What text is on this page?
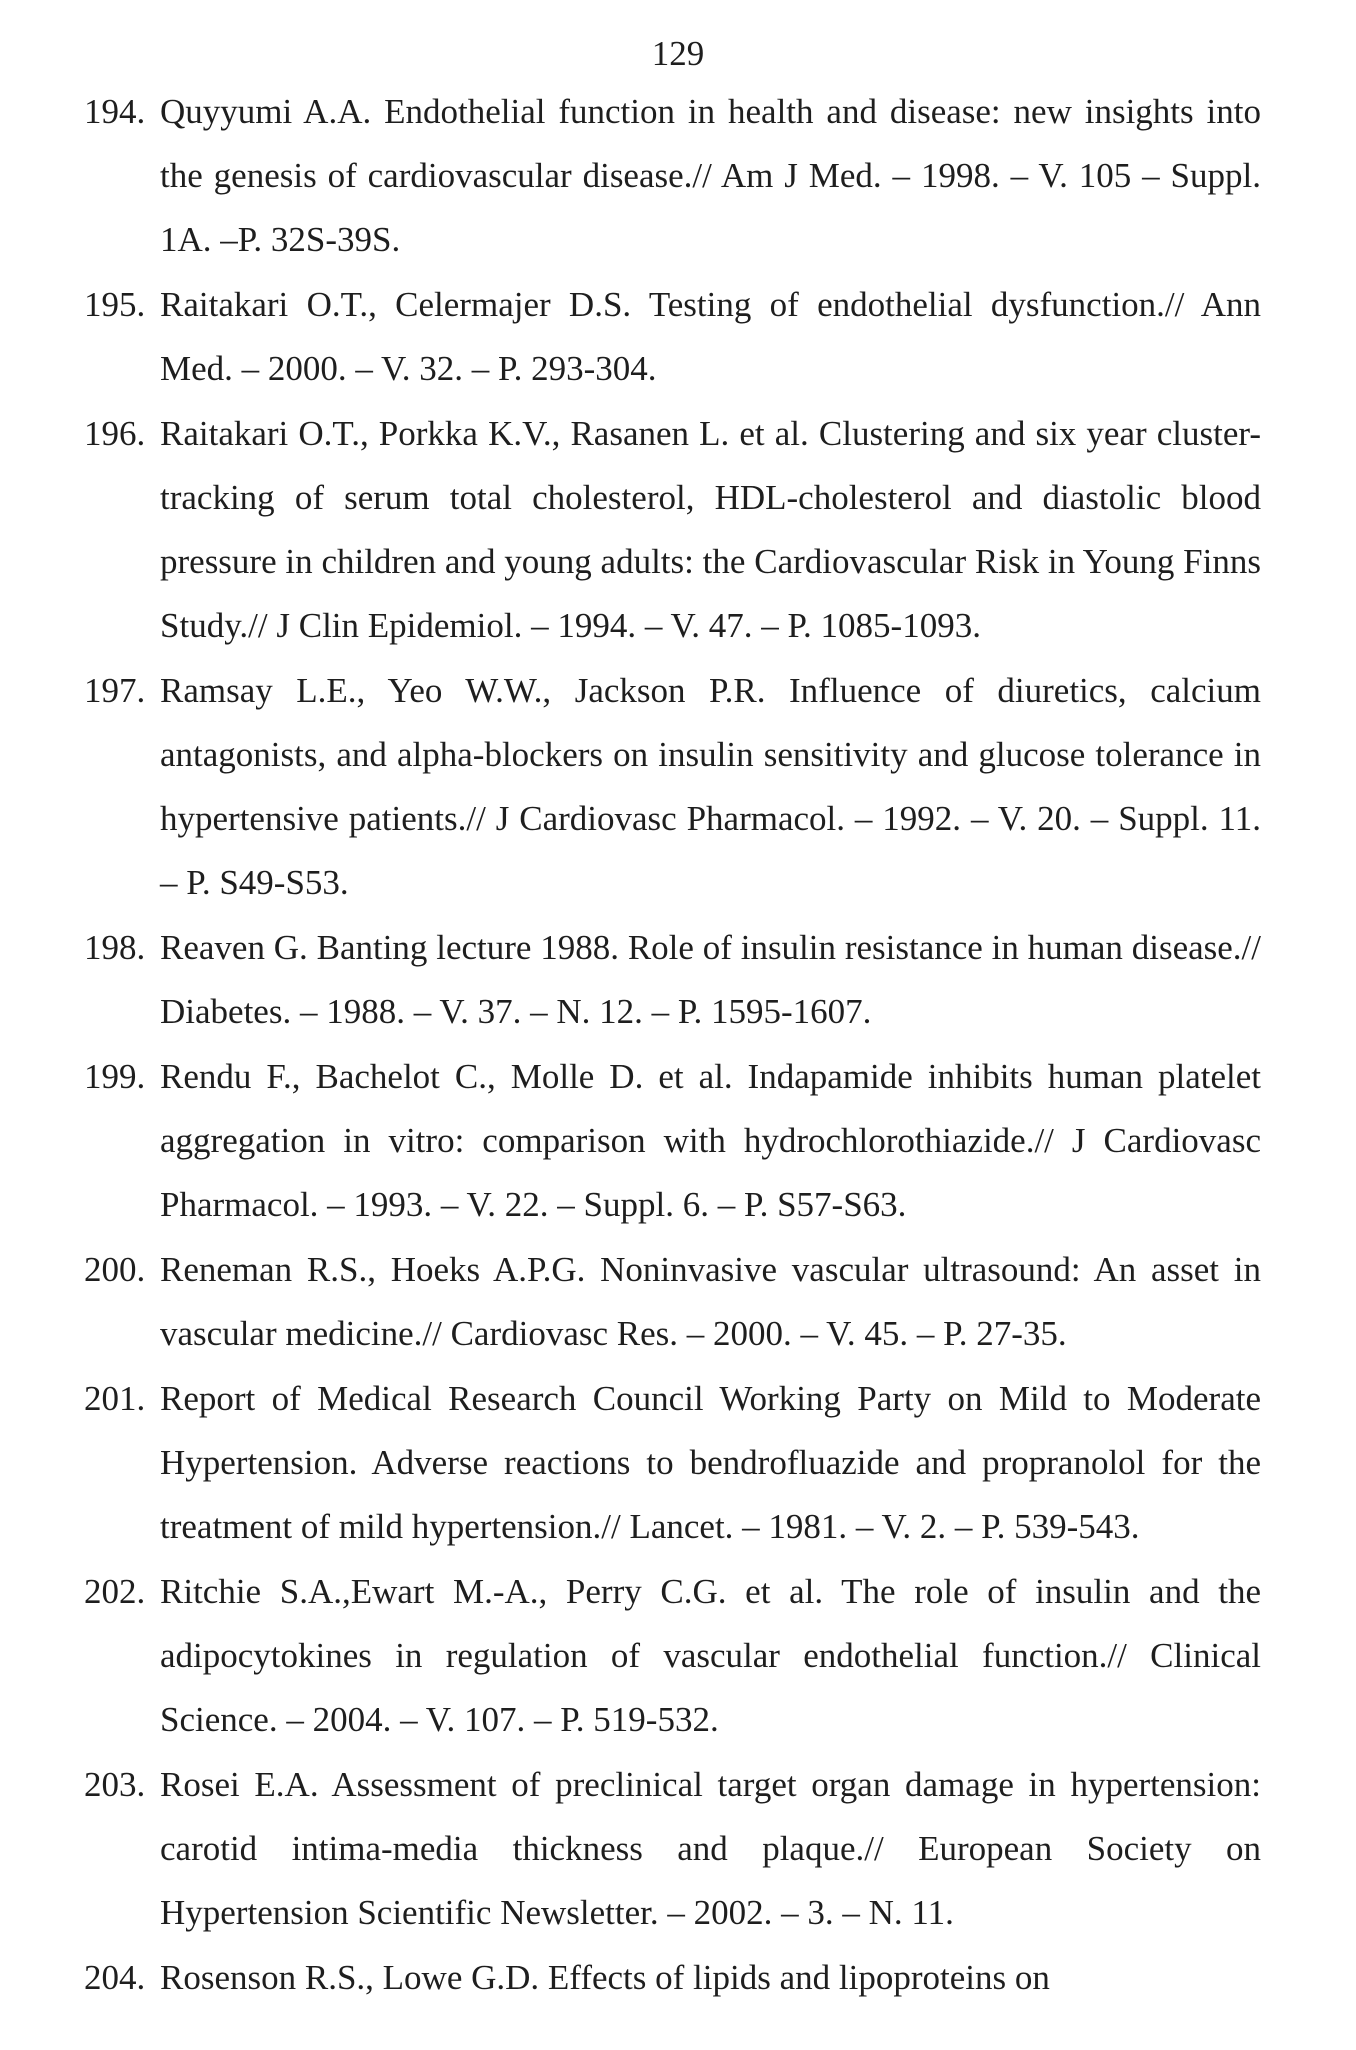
129
194. Quyyumi A.A. Endothelial function in health and disease: new insights into the genesis of cardiovascular disease.// Am J Med. – 1998. – V. 105 – Suppl. 1A. –P. 32S-39S.
195. Raitakari O.T., Celermajer D.S. Testing of endothelial dysfunction.// Ann Med. – 2000. – V. 32. – P. 293-304.
196. Raitakari O.T., Porkka K.V., Rasanen L. et al. Clustering and six year cluster-tracking of serum total cholesterol, HDL-cholesterol and diastolic blood pressure in children and young adults: the Cardiovascular Risk in Young Finns Study.// J Clin Epidemiol. – 1994. – V. 47. – P. 1085-1093.
197. Ramsay L.E., Yeo W.W., Jackson P.R. Influence of diuretics, calcium antagonists, and alpha-blockers on insulin sensitivity and glucose tolerance in hypertensive patients.// J Cardiovasc Pharmacol. – 1992. – V. 20. – Suppl. 11. – P. S49-S53.
198. Reaven G. Banting lecture 1988. Role of insulin resistance in human disease.// Diabetes. – 1988. – V. 37. – N. 12. – P. 1595-1607.
199. Rendu F., Bachelot C., Molle D. et al. Indapamide inhibits human platelet aggregation in vitro: comparison with hydrochlorothiazide.// J Cardiovasc Pharmacol. – 1993. – V. 22. – Suppl. 6. – P. S57-S63.
200. Reneman R.S., Hoeks A.P.G. Noninvasive vascular ultrasound: An asset in vascular medicine.// Cardiovasc Res. – 2000. – V. 45. – P. 27-35.
201. Report of Medical Research Council Working Party on Mild to Moderate Hypertension. Adverse reactions to bendrofluazide and propranolol for the treatment of mild hypertension.// Lancet. – 1981. – V. 2. – P. 539-543.
202. Ritchie S.A.,Ewart M.-A., Perry C.G. et al. The role of insulin and the adipocytokines in regulation of vascular endothelial function.// Clinical Science. – 2004. – V. 107. – P. 519-532.
203. Rosei E.A. Assessment of preclinical target organ damage in hypertension: carotid intima-media thickness and plaque.// European Society on Hypertension Scientific Newsletter. – 2002. – 3. – N. 11.
204. Rosenson R.S., Lowe G.D. Effects of lipids and lipoproteins on
